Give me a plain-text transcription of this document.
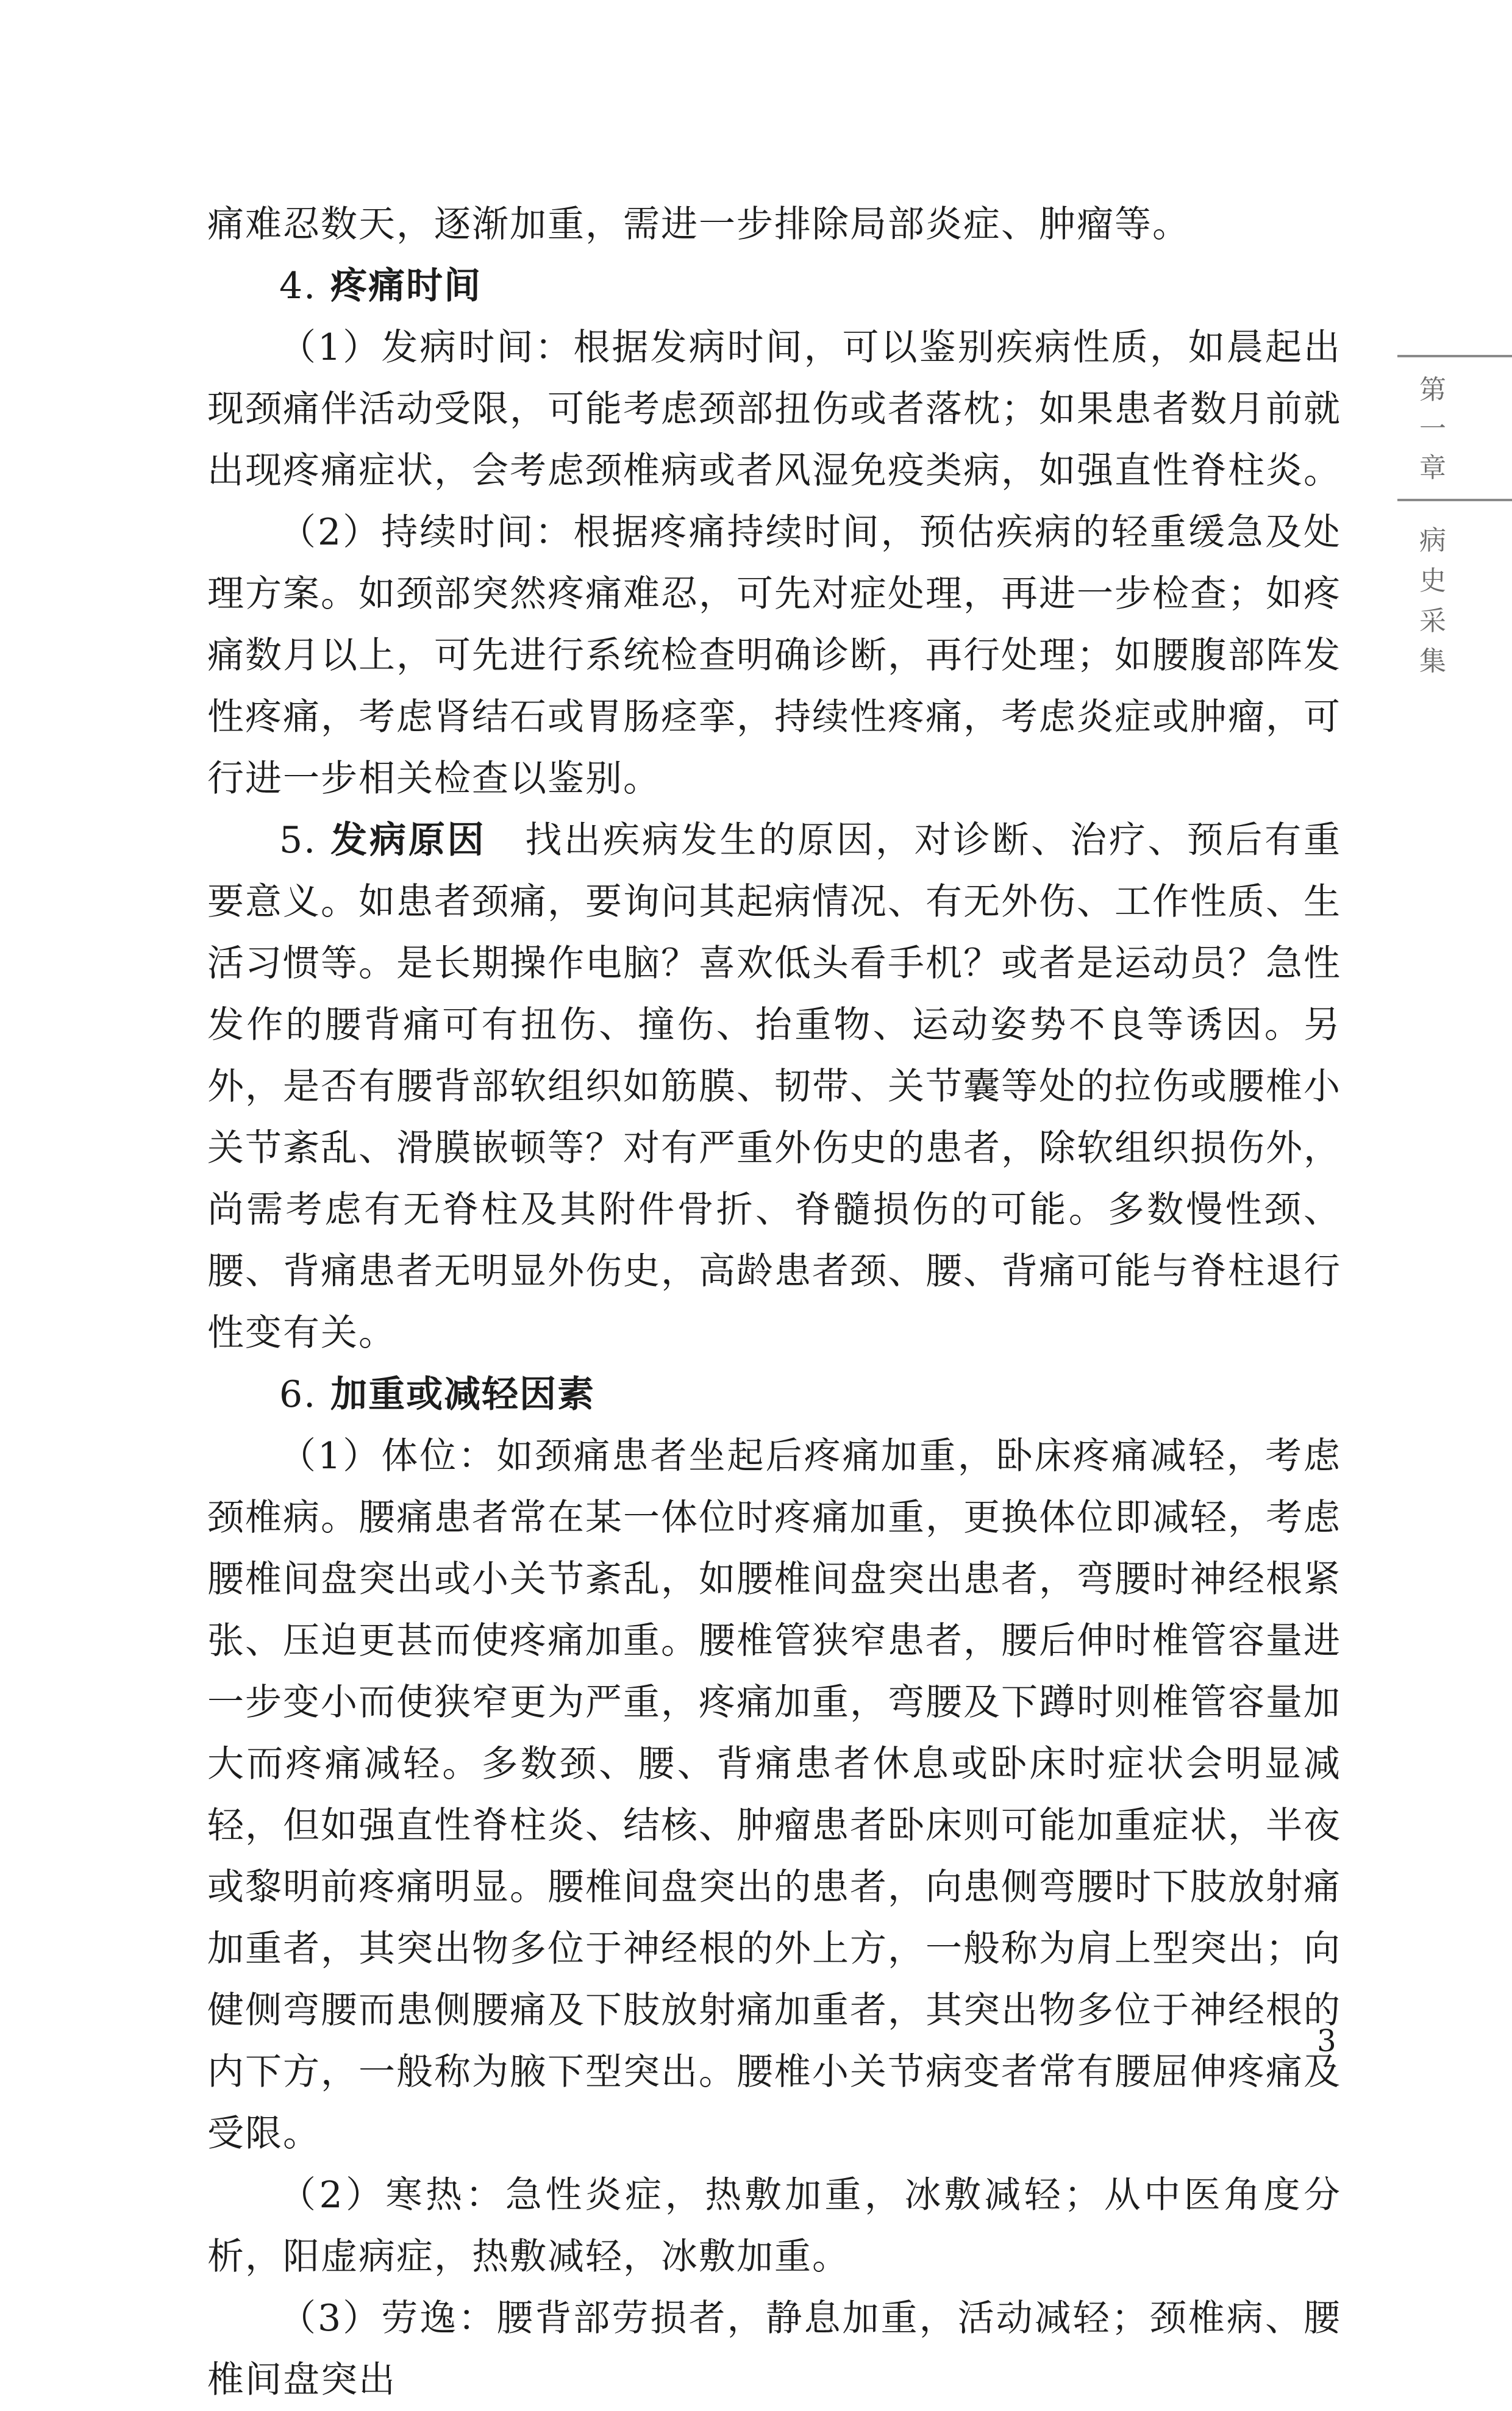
痛难忍数天，逐渐加重，需进一步排除局部炎症、肿瘤等。

4. 疼痛时间

（1）发病时间：根据发病时间，可以鉴别疾病性质，如晨起出现颈痛伴活动受限，可能考虑颈部扭伤或者落枕；如果患者数月前就出现疼痛症状，会考虑颈椎病或者风湿免疫类病，如强直性脊柱炎。

（2）持续时间：根据疼痛持续时间，预估疾病的轻重缓急及处理方案。如颈部突然疼痛难忍，可先对症处理，再进一步检查；如疼痛数月以上，可先进行系统检查明确诊断，再行处理；如腰腹部阵发性疼痛，考虑肾结石或胃肠痉挛，持续性疼痛，考虑炎症或肿瘤，可行进一步相关检查以鉴别。

5. 发病原因　 找出疾病发生的原因，对诊断、治疗、预后有重要意义。如患者颈痛，要询问其起病情况、有无外伤、工作性质、生活习惯等。是长期操作电脑？喜欢低头看手机？或者是运动员？急性发作的腰背痛可有扭伤、撞伤、抬重物、运动姿势不良等诱因。另外，是否有腰背部软组织如筋膜、韧带、关节囊等处的拉伤或腰椎小关节紊乱、滑膜嵌顿等？对有严重外伤史的患者，除软组织损伤外，尚需考虑有无脊柱及其附件骨折、脊髓损伤的可能。多数慢性颈、腰、背痛患者无明显外伤史，高龄患者颈、腰、背痛可能与脊柱退行性变有关。

6. 加重或减轻因素

（1）体位：如颈痛患者坐起后疼痛加重，卧床疼痛减轻，考虑颈椎病。腰痛患者常在某一体位时疼痛加重，更换体位即减轻，考虑腰椎间盘突出或小关节紊乱，如腰椎间盘突出患者，弯腰时神经根紧张、压迫更甚而使疼痛加重。腰椎管狭窄患者，腰后伸时椎管容量进一步变小而使狭窄更为严重，疼痛加重，弯腰及下蹲时则椎管容量加大而疼痛减轻。多数颈、腰、背痛患者休息或卧床时症状会明显减轻，但如强直性脊柱炎、结核、肿瘤患者卧床则可能加重症状，半夜或黎明前疼痛明显。腰椎间盘突出的患者，向患侧弯腰时下肢放射痛加重者，其突出物多位于神经根的外上方，一般称为肩上型突出；向健侧弯腰而患侧腰痛及下肢放射痛加重者，其突出物多位于神经根的内下方，一般称为腋下型突出。腰椎小关节病变者常有腰屈伸疼痛及受限。

（2）寒热：急性炎症，热敷加重，冰敷减轻；从中医角度分析，阳虚病症，热敷减轻，冰敷加重。

（3）劳逸：腰背部劳损者，静息加重，活动减轻；颈椎病、腰椎间盘突出

第一章
病史采集
3
